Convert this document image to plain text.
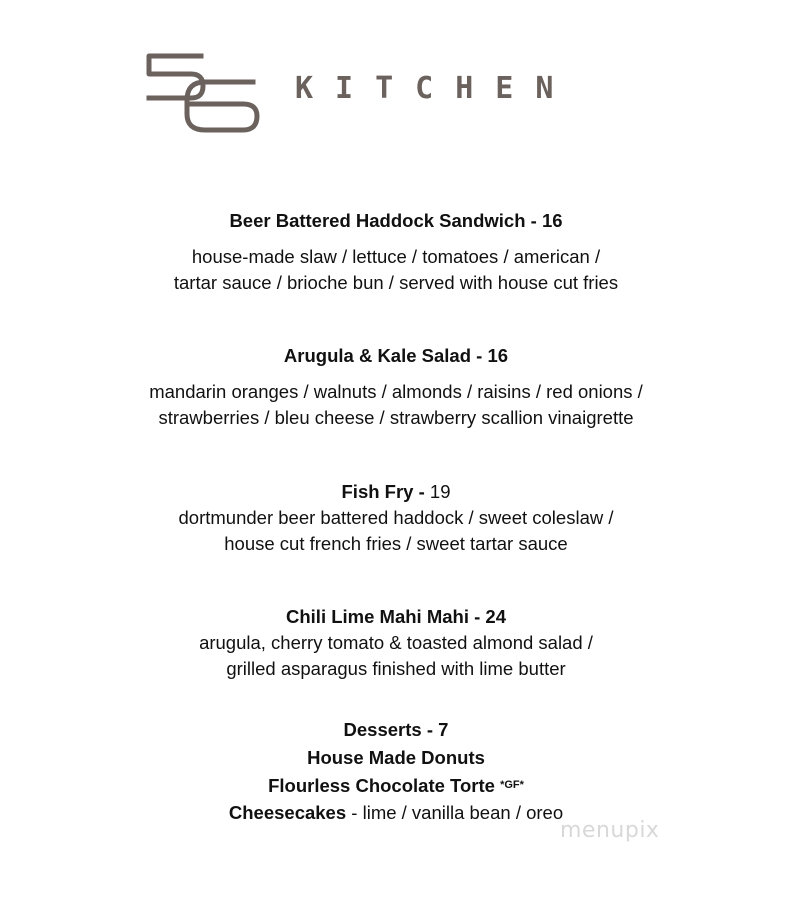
56
KITCHEN
Beer Battered Haddock Sandwich - 16
house-made slaw / lettuce / tomatoes / american /
tartar sauce / brioche bun / served with house cut fries
Arugula & Kale Salad - 16
mandarin oranges / walnuts / almonds / raisins / red onions /
strawberries / bleu cheese / strawberry scallion vinaigrette
Fish Fry - 19
dortmunder beer battered haddock / sweet coleslaw /
house cut french fries / sweet tartar sauce
Chili Lime Mahi Mahi - 24
arugula, cherry tomato & toasted almond salad /
grilled asparagus finished with lime butter
Desserts - 7
House Made Donuts
Flourless Chocolate Torte $^{*GF*}$
Cheesecakes - lime / vanilla bean / oreo
menupix
